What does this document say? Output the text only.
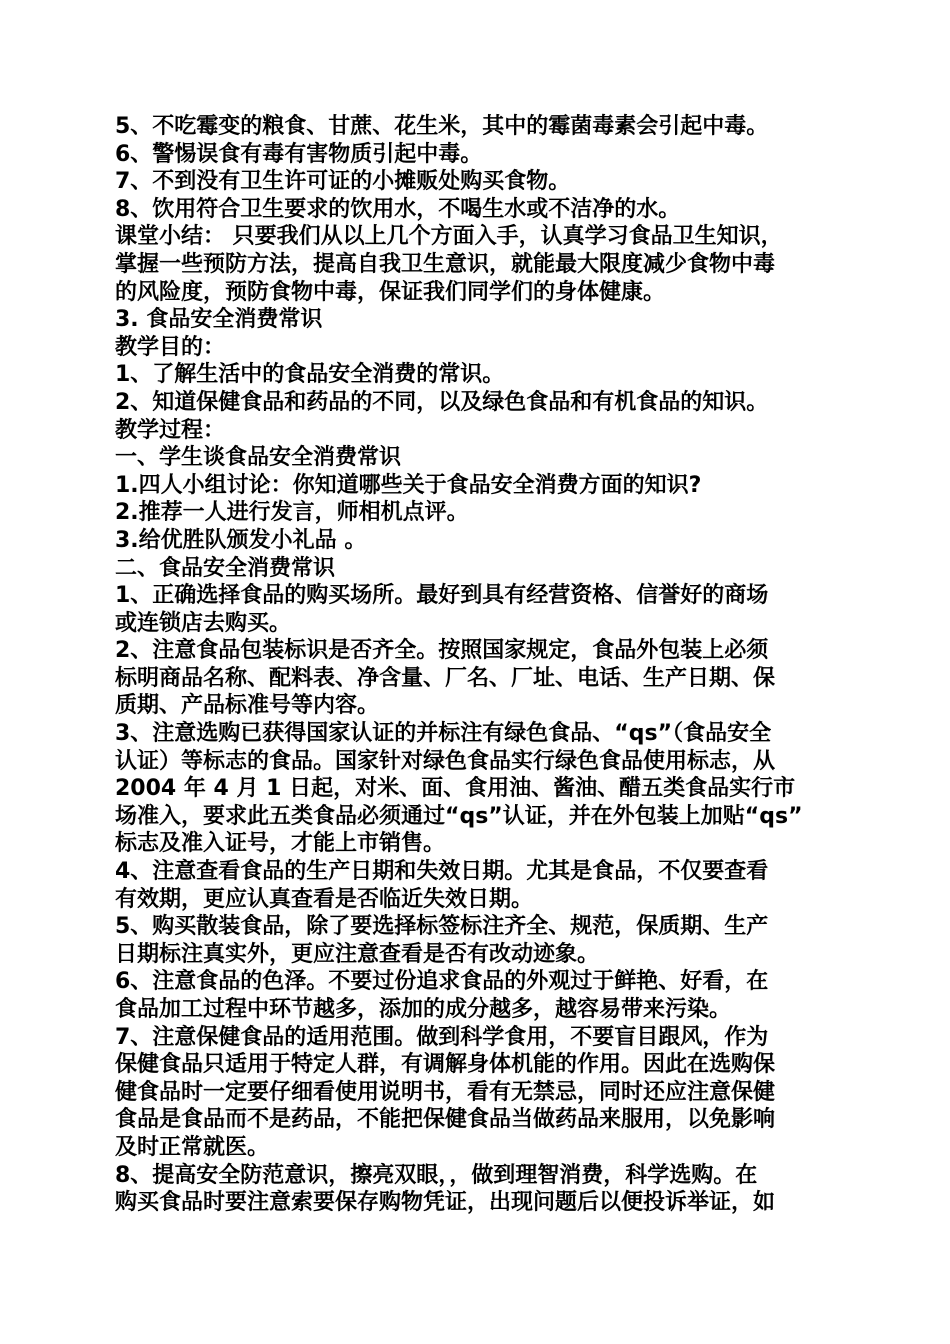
5、不吃霉变的粮食、甘蔗、花生米，其中的霉菌毒素会引起中毒。
6、警惕误食有毒有害物质引起中毒。
7、不到没有卫生许可证的小摊贩处购买食物。
8、饮用符合卫生要求的饮用水，不喝生水或不洁净的水。
课堂小结： 只要我们从以上几个方面入手，认真学习食品卫生知识，
掌握一些预防方法，提高自我卫生意识，就能最大限度减少食物中毒
的风险度，预防食物中毒，保证我们同学们的身体健康。
3. 食品安全消费常识
教学目的：
1、了解生活中的食品安全消费的常识。
2、知道保健食品和药品的不同，以及绿色食品和有机食品的知识。
教学过程：
一、学生谈食品安全消费常识
1.四人小组讨论：你知道哪些关于食品安全消费方面的知识?
2.推荐一人进行发言，师相机点评。
3.给优胜队颁发小礼品 。
二、食品安全消费常识
1、正确选择食品的购买场所。最好到具有经营资格、信誉好的商场
或连锁店去购买。
2、注意食品包装标识是否齐全。按照国家规定，食品外包装上必须
标明商品名称、配料表、净含量、厂名、厂址、电话、生产日期、保
质期、产品标准号等内容。
3、注意选购已获得国家认证的并标注有绿色食品、“qs”（食品安全
认证）等标志的食品。国家针对绿色食品实行绿色食品使用标志，从
2004 年 4 月 1 日起，对米、面、食用油、酱油、醋五类食品实行市
场准入，要求此五类食品必须通过“qs”认证，并在外包装上加贴“qs”
标志及准入证号，才能上市销售。
4、注意查看食品的生产日期和失效日期。尤其是食品，不仅要查看
有效期，更应认真查看是否临近失效日期。
5、购买散装食品，除了要选择标签标注齐全、规范，保质期、生产
日期标注真实外，更应注意查看是否有改动迹象。
6、注意食品的色泽。不要过份追求食品的外观过于鲜艳、好看，在
食品加工过程中环节越多，添加的成分越多，越容易带来污染。
7、注意保健食品的适用范围。做到科学食用，不要盲目跟风，作为
保健食品只适用于特定人群，有调解身体机能的作用。因此在选购保
健食品时一定要仔细看使用说明书，看有无禁忌，同时还应注意保健
食品是食品而不是药品，不能把保健食品当做药品来服用，以免影响
及时正常就医。
8、提高安全防范意识，擦亮双眼，，做到理智消费，科学选购。在
购买食品时要注意索要保存购物凭证，出现问题后以便投诉举证，如
